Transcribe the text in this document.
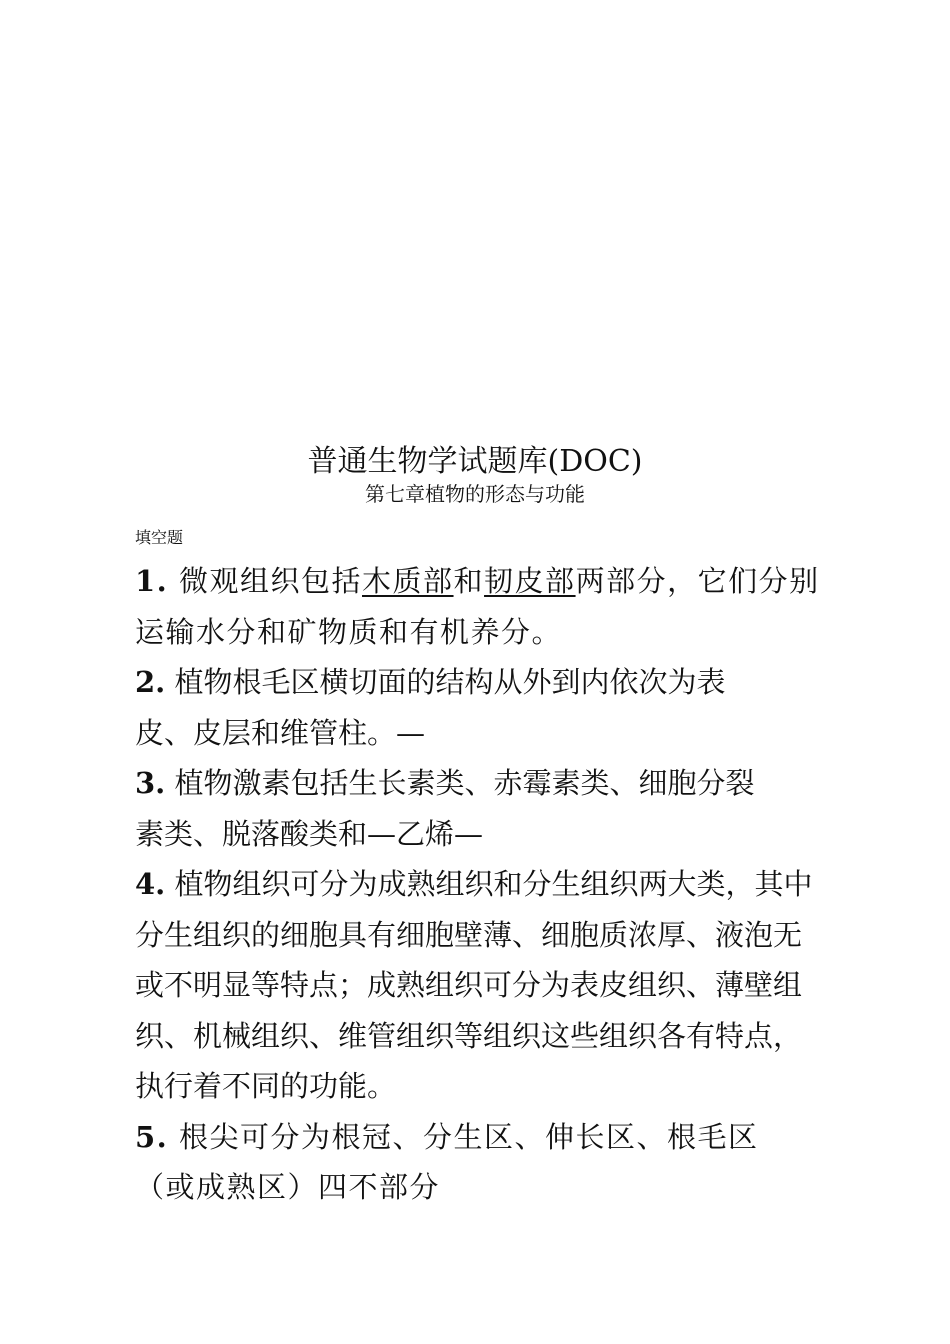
普通生物学试题库(DOC)
第七章植物的形态与功能
填空题

1. 微观组织包括木质部和韧皮部两部分，它们分别运输水分和矿物质和有机养分。

2. 植物根毛区横切面的结构从外到内依次为表
皮、皮层和维管柱。—

3. 植物激素包括生长素类、赤霉素类、细胞分裂
素类、脱落酸类和—乙烯—

4. 植物组织可分为成熟组织和分生组织两大类，其中分生组织的细胞具有细胞壁薄、细胞质浓厚、液泡无或不明显等特点；成熟组织可分为表皮组织、薄壁组织、机械组织、维管组织等组织这些组织各有特点，执行着不同的功能。

5. 根尖可分为根冠、分生区、伸长区、根毛区
（或成熟区）四不部分
